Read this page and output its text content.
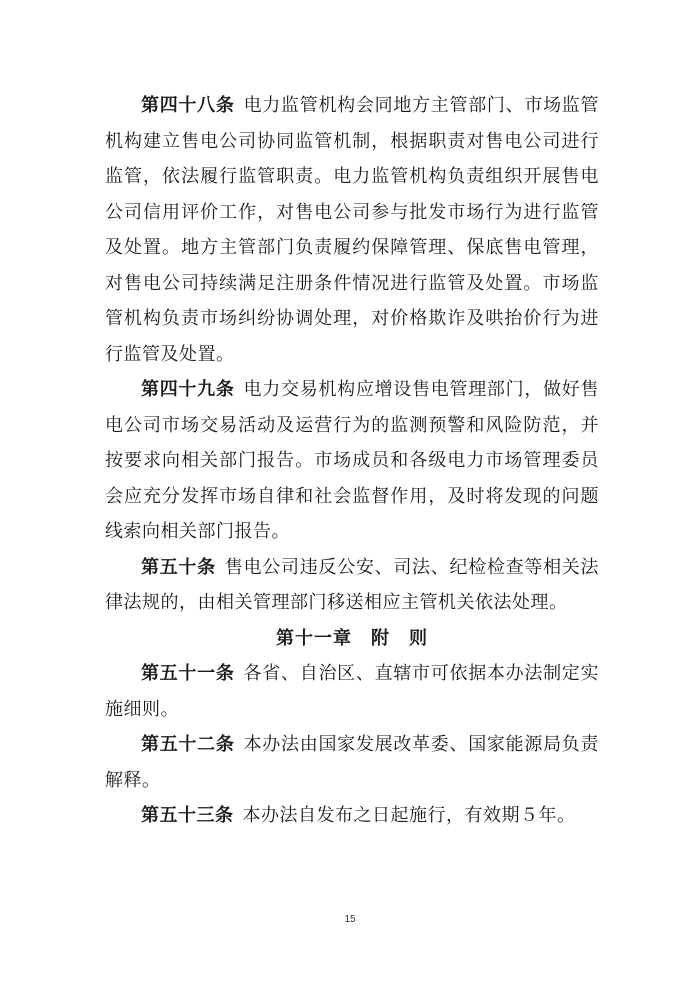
第四十八条 电力监管机构会同地方主管部门、市场监管机构建立售电公司协同监管机制，根据职责对售电公司进行监管，依法履行监管职责。电力监管机构负责组织开展售电公司信用评价工作，对售电公司参与批发市场行为进行监管及处置。地方主管部门负责履约保障管理、保底售电管理，对售电公司持续满足注册条件情况进行监管及处置。市场监管机构负责市场纠纷协调处理，对价格欺诈及哄抬价行为进行监管及处置。

第四十九条 电力交易机构应增设售电管理部门，做好售电公司市场交易活动及运营行为的监测预警和风险防范，并按要求向相关部门报告。市场成员和各级电力市场管理委员会应充分发挥市场自律和社会监督作用，及时将发现的问题线索向相关部门报告。

第五十条 售电公司违反公安、司法、纪检检查等相关法律法规的，由相关管理部门移送相应主管机关依法处理。

第十一章　附　则

第五十一条 各省、自治区、直辖市可依据本办法制定实施细则。

第五十二条 本办法由国家发展改革委、国家能源局负责解释。

第五十三条 本办法自发布之日起施行，有效期５年。

15
